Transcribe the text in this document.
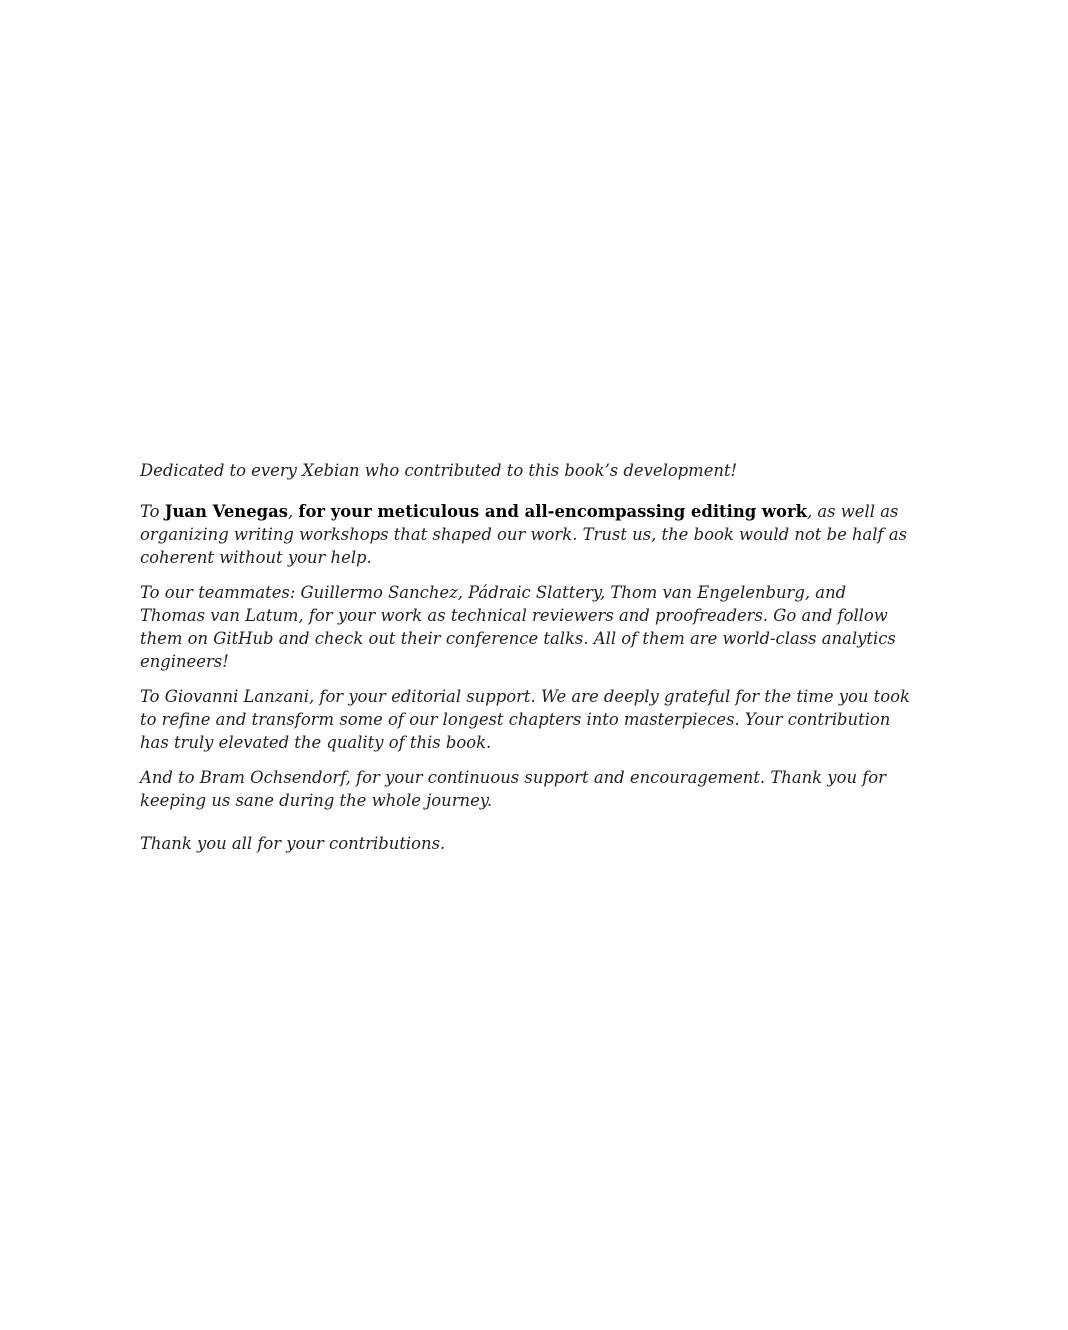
Dedicated to every Xebian who contributed to this book’s development!

To Juan Venegas, for your meticulous and all-encompassing editing work, as well as organizing writing workshops that shaped our work. Trust us, the book would not be half as coherent without your help.

To our teammates: Guillermo Sanchez, Pádraic Slattery, Thom van Engelenburg, and Thomas van Latum, for your work as technical reviewers and proofreaders. Go and follow them on GitHub and check out their conference talks. All of them are world-class analytics engineers!

To Giovanni Lanzani, for your editorial support. We are deeply grateful for the time you took to refine and transform some of our longest chapters into masterpieces. Your contribution has truly elevated the quality of this book.

And to Bram Ochsendorf, for your continuous support and encouragement. Thank you for keeping us sane during the whole journey.

Thank you all for your contributions.
